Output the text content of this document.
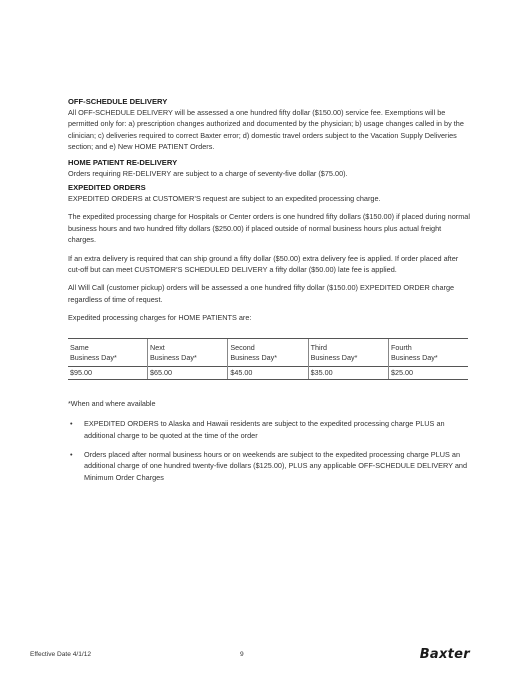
OFF-SCHEDULE DELIVERY

All OFF-SCHEDULE DELIVERY will be assessed a one hundred fifty dollar ($150.00) service fee. Exemptions will be permitted only for: a) prescription changes authorized and documented by the physician; b) usage changes called in by the clinician; c) deliveries required to correct Baxter error; d) domestic travel orders subject to the Vacation Supply Deliveries section; and e) New HOME PATIENT Orders.

HOME PATIENT RE-DELIVERY

Orders requiring RE-DELIVERY are subject to a charge of seventy-five dollar ($75.00).

EXPEDITED ORDERS

EXPEDITED ORDERS at CUSTOMER’S request are subject to an expedited processing charge.

The expedited processing charge for Hospitals or Center orders is one hundred fifty dollars ($150.00) if placed during normal business hours and two hundred fifty dollars ($250.00) if placed outside of normal business hours plus actual freight charges.

If an extra delivery is required that can ship ground a fifty dollar ($50.00) extra delivery fee is applied. If order placed after cut-off but can meet CUSTOMER’S SCHEDULED DELIVERY a fifty dollar ($50.00) late fee is applied.

All Will Call (customer pickup) orders will be assessed a one hundred fifty dollar ($150.00) EXPEDITED ORDER charge regardless of time of request.

Expedited processing charges for HOME PATIENTS are:

Same	Next	Second	Third	Fourth
Business Day*	Business Day*	Business Day*	Business Day*	Business Day*
$95.00	$65.00	$45.00	$35.00	$25.00
*When and where available
• EXPEDITED ORDERS to Alaska and Hawaii residents are subject to the expedited processing charge PLUS an additional charge to be quoted at the time of the order
• Orders placed after normal business hours or on weekends are subject to the expedited processing charge PLUS an additional charge of one hundred twenty-five dollars ($125.00), PLUS any applicable OFF-SCHEDULE DELIVERY and Minimum Order Charges
Effective Date 4/1/12	9	Baxter
